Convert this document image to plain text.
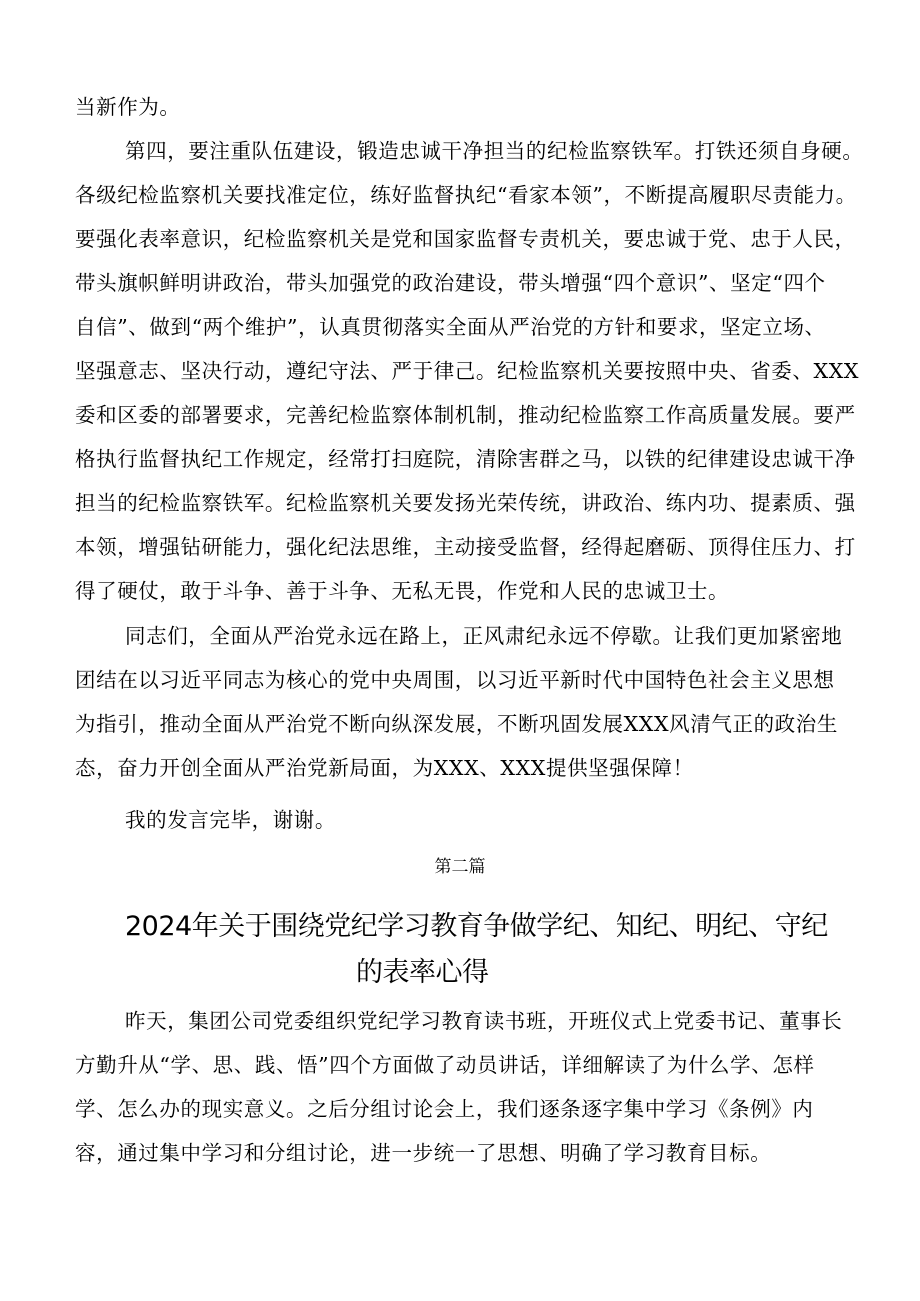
当新作为。
第四，要注重队伍建设，锻造忠诚干净担当的纪检监察铁军。打铁还须自身硬。
各级纪检监察机关要找准定位，练好监督执纪“看家本领”，不断提高履职尽责能力。
要强化表率意识，纪检监察机关是党和国家监督专责机关，要忠诚于党、忠于人民，
带头旗帜鲜明讲政治，带头加强党的政治建设，带头增强“四个意识”、坚定“四个
自信”、做到“两个维护”，认真贯彻落实全面从严治党的方针和要求，坚定立场、
坚强意志、坚决行动，遵纪守法、严于律己。纪检监察机关要按照中央、省委、XXX
委和区委的部署要求，完善纪检监察体制机制，推动纪检监察工作高质量发展。要严
格执行监督执纪工作规定，经常打扫庭院，清除害群之马，以铁的纪律建设忠诚干净
担当的纪检监察铁军。纪检监察机关要发扬光荣传统，讲政治、练内功、提素质、强
本领，增强钻研能力，强化纪法思维，主动接受监督，经得起磨砺、顶得住压力、打
得了硬仗，敢于斗争、善于斗争、无私无畏，作党和人民的忠诚卫士。
同志们，全面从严治党永远在路上，正风肃纪永远不停歇。让我们更加紧密地
团结在以习近平同志为核心的党中央周围，以习近平新时代中国特色社会主义思想
为指引，推动全面从严治党不断向纵深发展，不断巩固发展XXX风清气正的政治生
态，奋力开创全面从严治党新局面，为XXX、XXX提供坚强保障！
我的发言完毕，谢谢。
第二篇
2024年关于围绕党纪学习教育争做学纪、知纪、明纪、守纪
的表率心得
昨天，集团公司党委组织党纪学习教育读书班，开班仪式上党委书记、董事长
方勤升从“学、思、践、悟”四个方面做了动员讲话，详细解读了为什么学、怎样
学、怎么办的现实意义。之后分组讨论会上，我们逐条逐字集中学习《条例》内
容，通过集中学习和分组讨论，进一步统一了思想、明确了学习教育目标。
